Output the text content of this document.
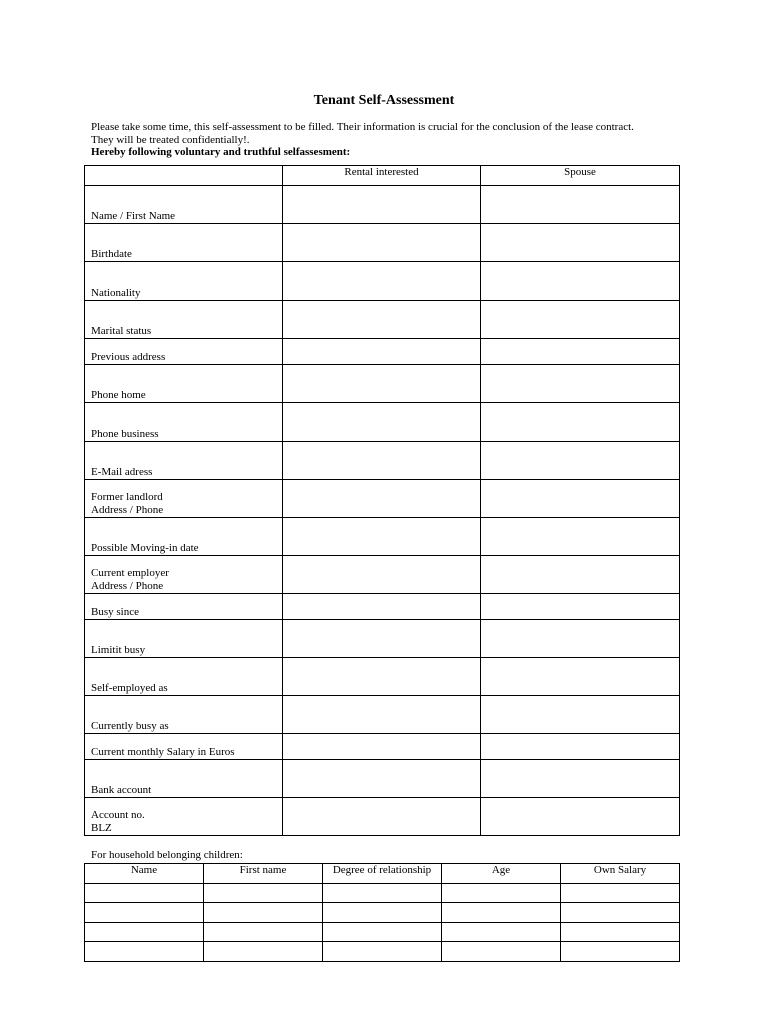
Tenant Self-Assessment
Please take some time, this self-assessment to be filled. Their information is crucial for the conclusion of the lease contract.
They will be treated confidentially!.
Hereby following voluntary and truthful selfassesment:
	Rental interested	Spouse

Name / First Name		

Birthdate		

Nationality		

Marital status		

Previous address		

Phone home		

Phone business		

E-Mail adress		

Former landlord
Address / Phone		

Possible Moving-in date		

Current employer
Address / Phone		

Busy since		

Limitit busy		

Self-employed as		

Currently busy as		

Current monthly Salary in Euros		

Bank account		

Account no.
BLZ		

For household belonging children:
Name	First name	Degree of relationship	Age	Own Salary
